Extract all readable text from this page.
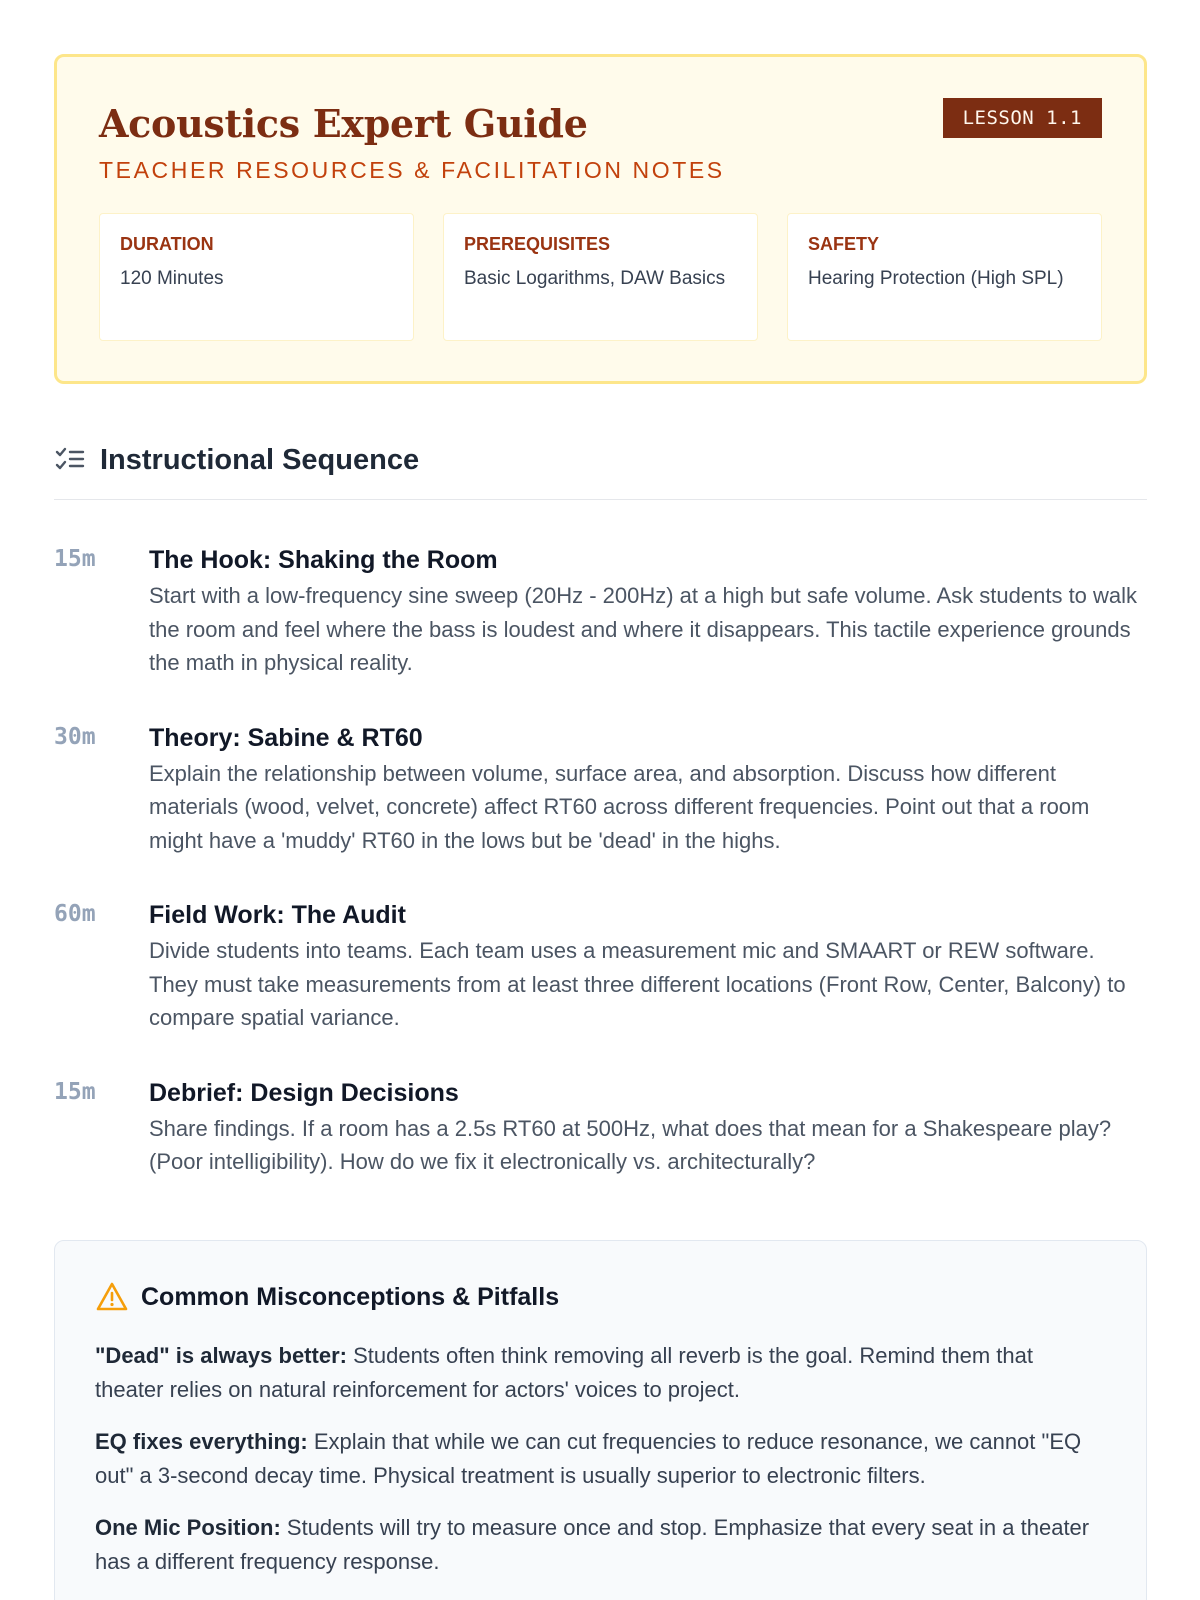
LESSON 1.1
Acoustics Expert Guide
TEACHER RESOURCES & FACILITATION NOTES
DURATION
120 Minutes
PREREQUISITES
Basic Logarithms, DAW Basics
SAFETY
Hearing Protection (High SPL)
Instructional Sequence
15m	The Hook: Shaking the Room

Start with a low-frequency sine sweep (20Hz - 200Hz) at a high but safe volume. Ask students to walk the room and feel where the bass is loudest and where it disappears. This tactile experience grounds the math in physical reality.

30m	Theory: Sabine & RT60

Explain the relationship between volume, surface area, and absorption. Discuss how different materials (wood, velvet, concrete) affect RT60 across different frequencies. Point out that a room might have a 'muddy' RT60 in the lows but be 'dead' in the highs.

60m	Field Work: The Audit

Divide students into teams. Each team uses a measurement mic and SMAART or REW software. They must take measurements from at least three different locations (Front Row, Center, Balcony) to compare spatial variance.

15m	Debrief: Design Decisions

Share findings. If a room has a 2.5s RT60 at 500Hz, what does that mean for a Shakespeare play? (Poor intelligibility). How do we fix it electronically vs. architecturally?

Common Misconceptions & Pitfalls

"Dead" is always better: Students often think removing all reverb is the goal. Remind them that theater relies on natural reinforcement for actors' voices to project.

EQ fixes everything: Explain that while we can cut frequencies to reduce resonance, we cannot "EQ out" a 3-second decay time. Physical treatment is usually superior to electronic filters.

One Mic Position: Students will try to measure once and stop. Emphasize that every seat in a theater has a different frequency response.
